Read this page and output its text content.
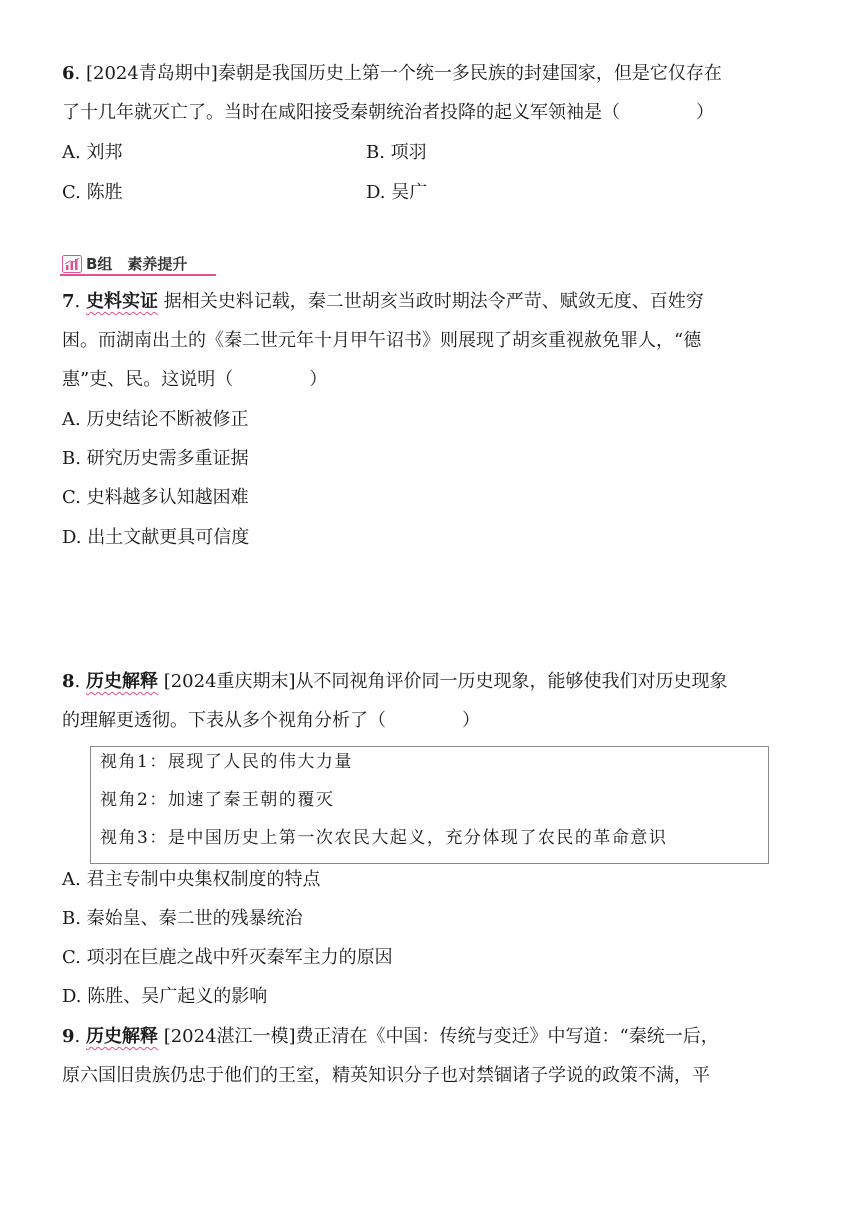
6. [2024青岛期中]秦朝是我国历史上第一个统一多民族的封建国家，但是它仅存在
了十几年就灭亡了。当时在咸阳接受秦朝统治者投降的起义军领袖是（	）
A. 刘邦	B. 项羽
C. 陈胜	D. 吴广
B组　素养提升
7. 史料实证 据相关史料记载，秦二世胡亥当政时期法令严苛、赋敛无度、百姓穷
困。而湖南出土的《秦二世元年十月甲午诏书》则展现了胡亥重视赦免罪人，“德
惠”吏、民。这说明（	）
A. 历史结论不断被修正
B. 研究历史需多重证据
C. 史料越多认知越困难
D. 出土文献更具可信度
8. 历史解释 [2024重庆期末]从不同视角评价同一历史现象，能够使我们对历史现象
的理解更透彻。下表从多个视角分析了（	）
视角1：展现了人民的伟大力量
视角2：加速了秦王朝的覆灭
视角3：是中国历史上第一次农民大起义，充分体现了农民的革命意识
A. 君主专制中央集权制度的特点
B. 秦始皇、秦二世的残暴统治
C. 项羽在巨鹿之战中歼灭秦军主力的原因
D. 陈胜、吴广起义的影响
9. 历史解释 [2024湛江一模]费正清在《中国：传统与变迁》中写道：“秦统一后，
原六国旧贵族仍忠于他们的王室，精英知识分子也对禁锢诸子学说的政策不满，平
